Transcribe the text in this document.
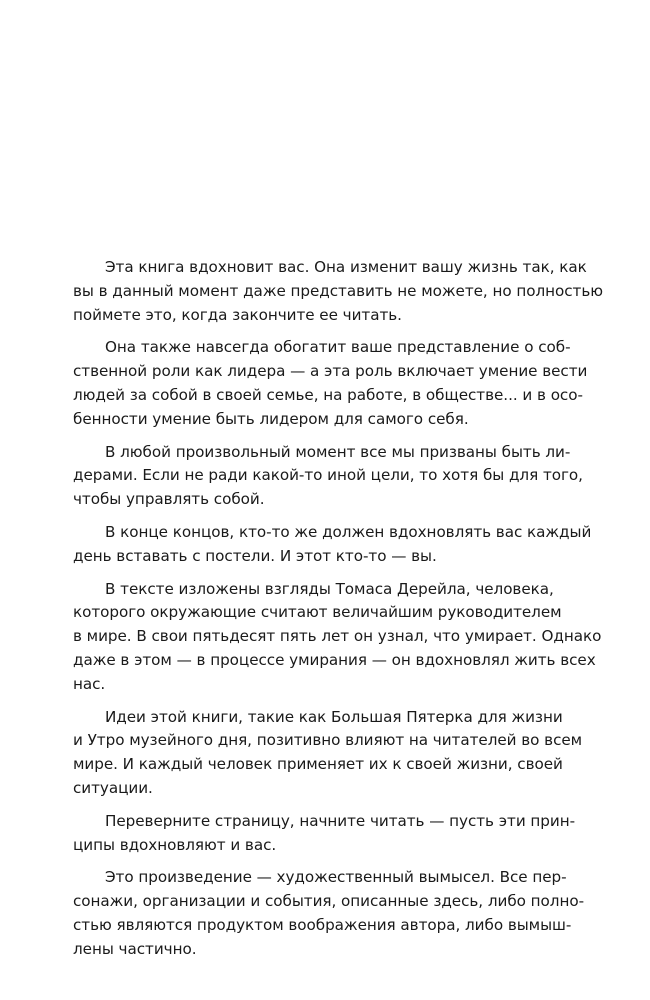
Эта книга вдохновит вас. Она изменит вашу жизнь так, как
вы в данный момент даже представить не можете, но полностью
поймете это, когда закончите ее читать.

Она также навсегда обогатит ваше представление о соб-
ственной роли как лидера — а эта роль включает умение вести
людей за собой в своей семье, на работе, в обществе... и в осо-
бенности умение быть лидером для самого себя.

В любой произвольный момент все мы призваны быть ли-
дерами. Если не ради какой-то иной цели, то хотя бы для того,
чтобы управлять собой.

В конце концов, кто-то же должен вдохновлять вас каждый
день вставать с постели. И этот кто-то — вы.

В тексте изложены взгляды Томаса Дерейла, человека,
которого окружающие считают величайшим руководителем
в мире. В свои пятьдесят пять лет он узнал, что умирает. Однако
даже в этом — в процессе умирания — он вдохновлял жить всех
нас.

Идеи этой книги, такие как Большая Пятерка для жизни
и Утро музейного дня, позитивно влияют на читателей во всем
мире. И каждый человек применяет их к своей жизни, своей
ситуации.

Переверните страницу, начните читать — пусть эти прин-
ципы вдохновляют и вас.

Это произведение — художественный вымысел. Все пер-
сонажи, организации и события, описанные здесь, либо полно-
стью являются продуктом воображения автора, либо вымыш-
лены частично.
